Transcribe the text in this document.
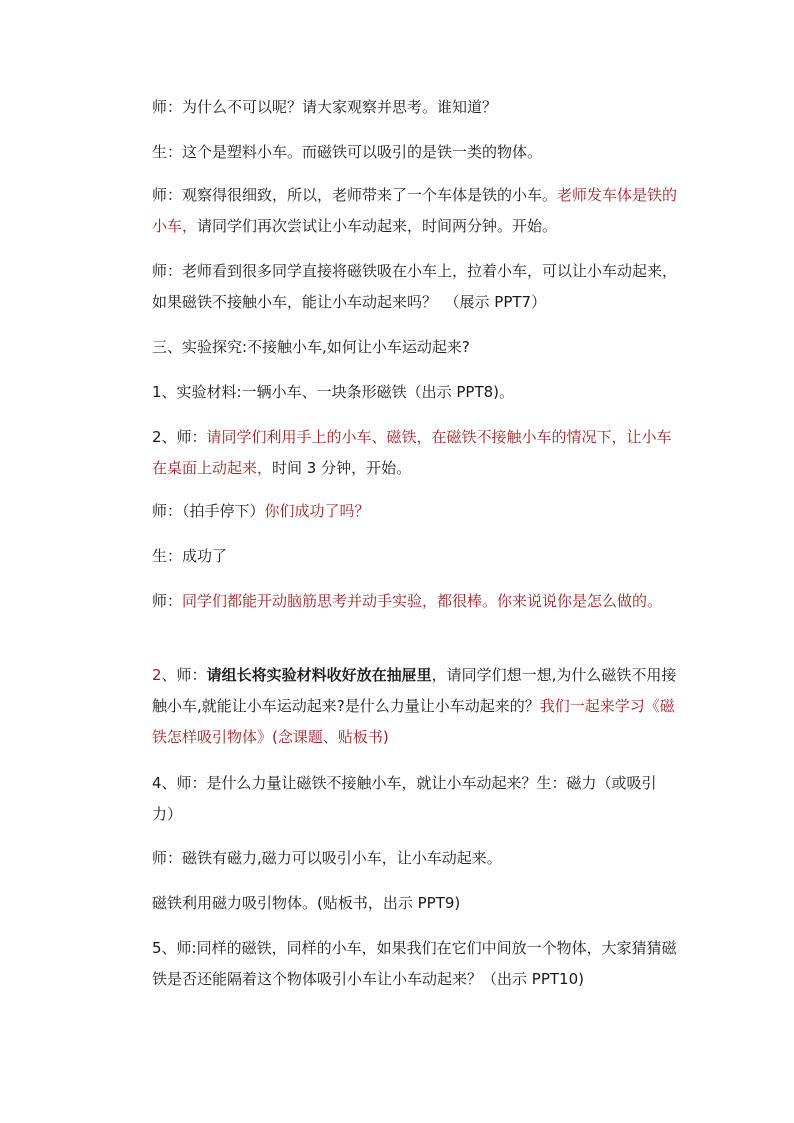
师：为什么不可以呢？请大家观察并思考。谁知道？

生：这个是塑料小车。而磁铁可以吸引的是铁一类的物体。

师：观察得很细致，所以，老师带来了一个车体是铁的小车。老师发车体是铁的小车，请同学们再次尝试让小车动起来，时间两分钟。开始。

师：老师看到很多同学直接将磁铁吸在小车上，拉着小车，可以让小车动起来，如果磁铁不接触小车，能让小车动起来吗？　（展示 PPT7）

三、实验探究:不接触小车,如何让小车运动起来?

1、实验材料:一辆小车、一块条形磁铁（出示 PPT8)。

2、师：请同学们利用手上的小车、磁铁，在磁铁不接触小车的情况下，让小车在桌面上动起来，时间 3 分钟，开始。

师：（拍手停下）你们成功了吗？

生：成功了

师：同学们都能开动脑筋思考并动手实验，都很棒。你来说说你是怎么做的。

2、师：请组长将实验材料收好放在抽屉里，请同学们想一想,为什么磁铁不用接触小车,就能让小车运动起来?是什么力量让小车动起来的？我们一起来学习《磁铁怎样吸引物体》(念课题、贴板书)

4、师：是什么力量让磁铁不接触小车，就让小车动起来？生：磁力（或吸引力）

师：磁铁有磁力,磁力可以吸引小车，让小车动起来。

磁铁利用磁力吸引物体。(贴板书，出示 PPT9)

5、师:同样的磁铁，同样的小车，如果我们在它们中间放一个物体，大家猜猜磁铁是否还能隔着这个物体吸引小车让小车动起来？（出示 PPT10)
